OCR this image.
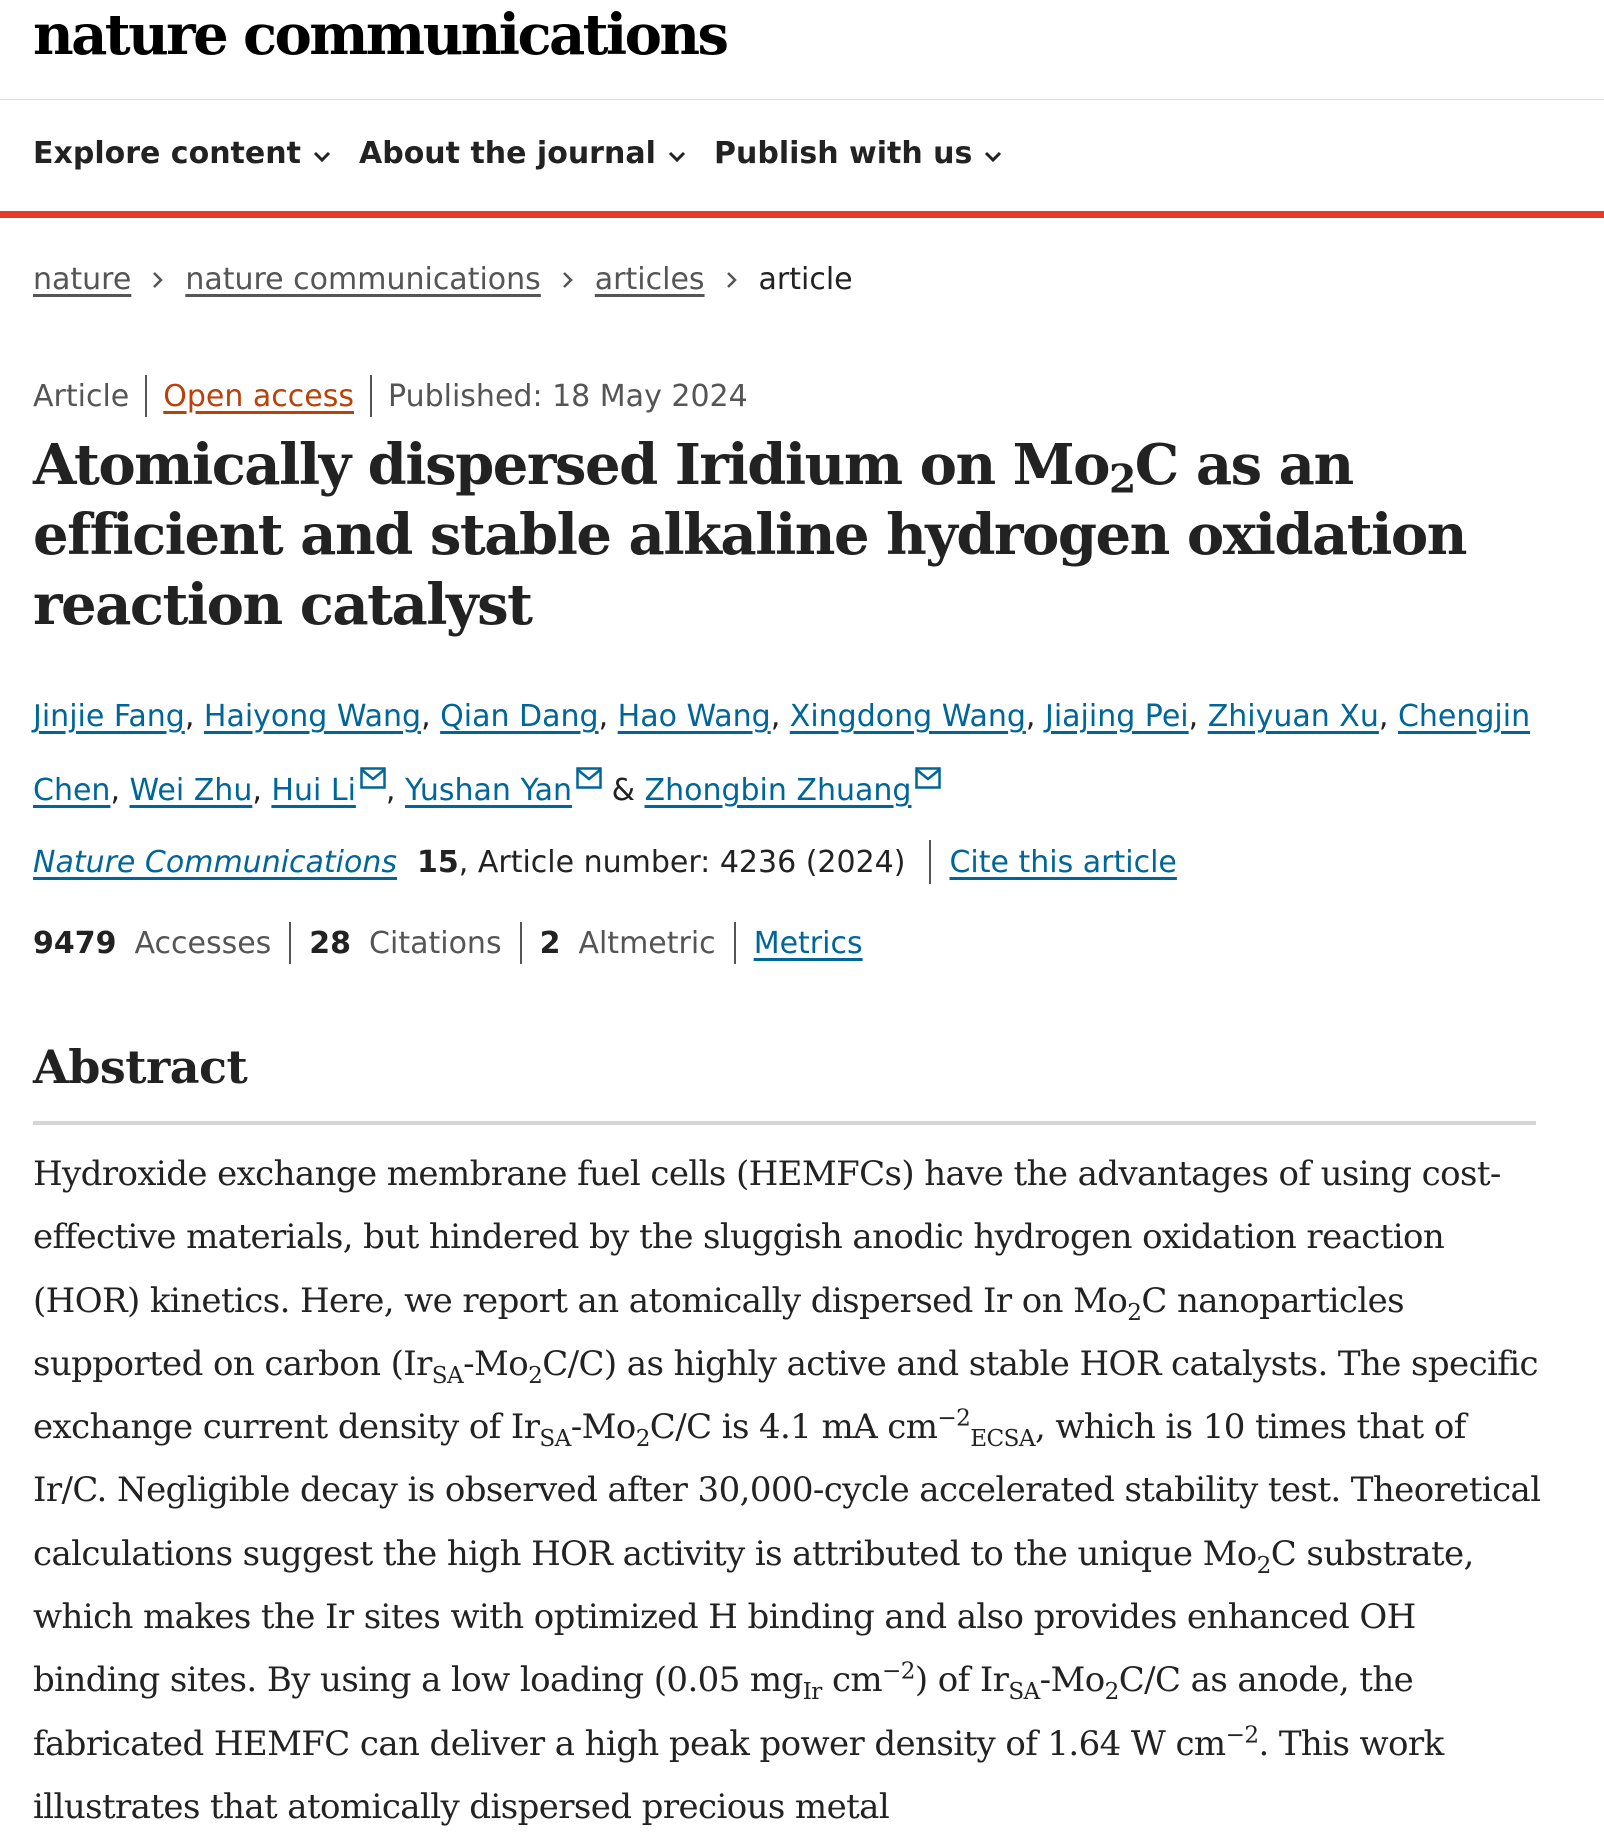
nature communications
Explore content About the journal Publish with us
nature nature communications articles article
Article Open access Published: 18 May 2024
Atomically dispersed Iridium on $Mo_2C$ as an efficient and stable alkaline hydrogen oxidation reaction catalyst
Jinjie Fang, Haiyong Wang, Qian Dang, Hao Wang, Xingdong Wang, Jiajing Pei, Zhiyuan Xu, Chengjin Chen, Wei Zhu, Hui Li , Yushan Yan & Zhongbin Zhuang
Nature Communications 15 , Article number: 4236 (2024) Cite this article
9479 Accesses 28 Citations 2 Altmetric Metrics
Abstract

Hydroxide exchange membrane fuel cells (HEMFCs) have the advantages of using cost-effective materials, but hindered by the sluggish anodic hydrogen oxidation reaction (HOR) kinetics. Here, we report an atomically dispersed Ir on $Mo_2C$ nanoparticles supported on carbon $(Ir_{SA}-Mo_2C/C)$ as highly active and stable HOR catalysts. The specific exchange current density of $Ir_{SA}-Mo_2C/C$ is 4.1 mA $cm^{-2}_{ECSA}$, which is 10 times that of Ir/C. Negligible decay is observed after 30,000-cycle accelerated stability test. Theoretical calculations suggest the high HOR activity is attributed to the unique $Mo_2C$ substrate, which makes the Ir sites with optimized H binding and also provides enhanced OH binding sites. By using a low loading (0.05 $mg_{Ir}$ $cm^{-2}$) of $Ir_{SA}-Mo_2C/C$ as anode, the fabricated HEMFC can deliver a high peak power density of 1.64 W $cm^{-2}$. This work illustrates that atomically dispersed precious metal
